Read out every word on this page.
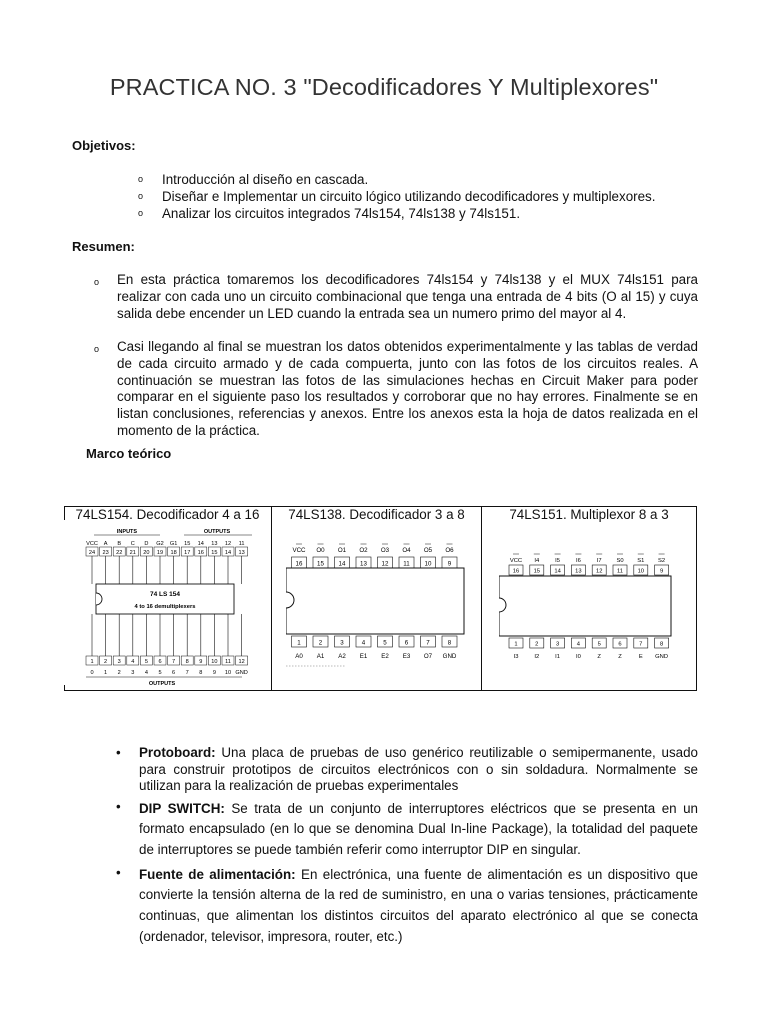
PRACTICA NO. 3 "Decodificadores Y Multiplexores"
Objetivos:
o Introducción al diseño en cascada.
o Diseñar e Implementar un circuito lógico utilizando decodificadores y multiplexores.
o Analizar los circuitos integrados 74ls154, 74ls138 y 74ls151.
Resumen:
o En esta práctica tomaremos los decodificadores 74ls154 y 74ls138 y el MUX 74ls151 para realizar con cada uno un circuito combinacional que tenga una entrada de 4 bits (O al 15) y cuya salida debe encender un LED cuando la entrada sea un numero primo del mayor al 4.
o Casi llegando al final se muestran los datos obtenidos experimentalmente y las tablas de verdad de cada circuito armado y de cada compuerta, junto con las fotos de los circuitos reales. A continuación se muestran las fotos de las simulaciones hechas en Circuit Maker para poder comparar en el siguiente paso los resultados y corroborar que no hay errores. Finalmente se en listan conclusiones, referencias y anexos. Entre los anexos esta la hoja de datos realizada en el momento de la práctica.
Marco teórico
74LS154. Decodificador 4 a 16	74LS138. Decodificador 3 a 8	74LS151. Multiplexor 8 a 3
INPUTS	OUTPUTS
VCC A B C D G2 G1 15 14 13 12 11
24 23 22 21 20 19 18 17 16 15 14 13
74 LS 154
4 to 16 demultiplexers
1 2 3 4 5 6 7 8 9 10 11 12
0 1 2 3 4 5 6 7 8 9 10 GND
OUTPUTS
VCC O0 O1 O2 O3 O4 O5 O6
16 15 14 13 12 11 10	9
1	2	3	4	5	6	7	8
A0 A1 A2 E1 E2 E3 O7 GND
VCC I4	I5	I6	I7	S0 S1 S2
16 15 14 13 12	11	10	9
1	2	3	4	5	6	7	8
I3	I2	I1	I0	Z	Z	E GND
• Protoboard: Una placa de pruebas de uso genérico reutilizable o semipermanente, usado para construir prototipos de circuitos electrónicos con o sin soldadura. Normalmente se utilizan para la realización de pruebas experimentales
• DIP SWITCH: Se trata de un conjunto de interruptores eléctricos que se presenta en un formato encapsulado (en lo que se denomina Dual In-line Package), la totalidad del paquete de interruptores se puede también referir como interruptor DIP en singular.
• Fuente de alimentación: En electrónica, una fuente de alimentación es un dispositivo que convierte la tensión alterna de la red de suministro, en una o varias tensiones, prácticamente continuas, que alimentan los distintos circuitos del aparato electrónico al que se conecta (ordenador, televisor, impresora, router, etc.)
